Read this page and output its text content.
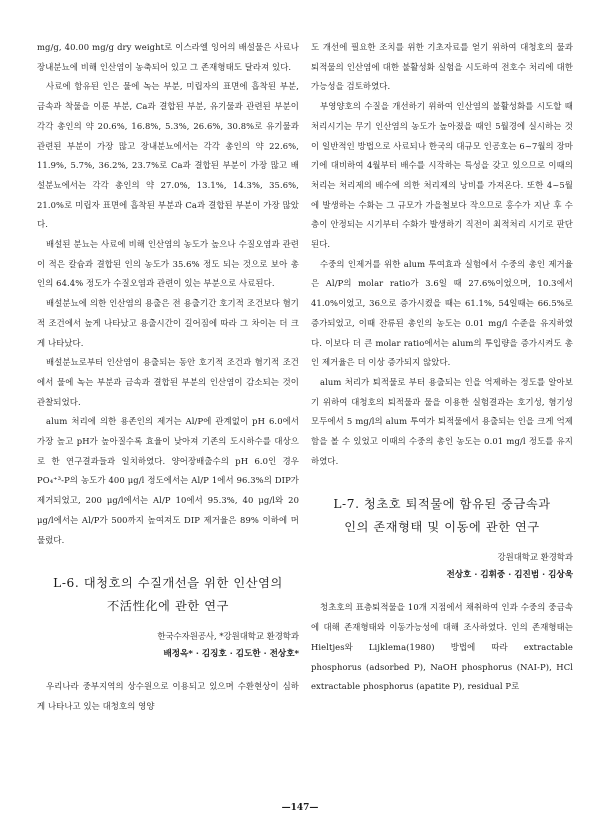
mg/g, 40.00 mg/g dry weight로 이스라엘 잉어의 배설물은 사료나 장내분뇨에 비해 인산염이 농축되어 있고 그 존재형태도 달라져 있다.

사료에 함유된 인은 물에 녹는 부분, 미립자의 표면에 흡착된 부분, 금속과 착물을 이룬 부분, Ca과 결합된 부분, 유기물과 관련된 부분이 각각 총인의 약 20.6%, 16.8%, 5.3%, 26.6%, 30.8%로 유기물과 관련된 부분이 가장 많고 장내분뇨에서는 각각 총인의 약 22.6%, 11.9%, 5.7%, 36.2%, 23.7%로 Ca과 결합된 부분이 가장 많고 배설분뇨에서는 각각 총인의 약 27.0%, 13.1%, 14.3%, 35.6%, 21.0%로 미립자 표면에 흡착된 부분과 Ca과 결합된 부분이 가장 많았다.

배설된 분뇨는 사료에 비해 인산염의 농도가 높으나 수질오염과 관련이 적은 칼슘과 결합된 인의 농도가 35.6% 정도 되는 것으로 보아 총인의 64.4% 정도가 수질오염과 관련이 있는 부분으로 사료된다.

배설분뇨에 의한 인산염의 용출은 전 용출기간 호기적 조건보다 혐기적 조건에서 높게 나타났고 용출시간이 길어짐에 따라 그 차이는 더 크게 나타났다.

배설분뇨로부터 인산염이 용출되는 동안 호기적 조건과 혐기적 조건에서 물에 녹는 부분과 금속과 결합된 부분의 인산염이 감소되는 것이 관찰되었다.

alum 처리에 의한 용존인의 제거는 Al/P에 관계없이 pH 6.0에서 가장 높고 pH가 높아질수록 효율이 낮아져 기존의 도시하수를 대상으로 한 연구결과들과 일치하였다. 양어장배출수의 pH 6.0인 경우 PO₄⁺³-P의 농도가 400 μg/l 정도에서는 Al/P 1에서 96.3%의 DIP가 제거되었고, 200 μg/l에서는 Al/P 10에서 95.3%, 40 μg/l와 20 μg/l에서는 Al/P가 500까지 높여져도 DIP 제거율은 89% 이하에 머물렀다.

L-6. 대청호의 수질개선을 위한 인산염의
不活性化에 관한 연구

한국수자원공사, *강원대학교 환경학과

배정옥* · 김징호 · 김도한 · 전상호*

우리나라 중부지역의 상수원으로 이용되고 있으며 수환현상이 심하게 나타나고 있는 대청호의 영양

도 개선에 필요한 조치를 위한 기초자료를 얻기 위하여 대청호의 물과 퇴적물의 인산염에 대한 불활성화 실험을 시도하여 전호수 처리에 대한 가능성을 검토하였다.

부영양호의 수질을 개선하기 위하여 인산염의 불활성화를 시도할 때 처리시기는 무기 인산염의 농도가 높아졌을 때인 5월경에 실시하는 것이 일반적인 방법으로 사료되나 한국의 대규모 인공호는 6~7월의 장마기에 대비하여 4월부터 배수를 시작하는 특성을 갖고 있으므로 이때의 처리는 처리제의 배수에 의한 처리제의 낭비를 가져온다. 또한 4~5월에 발생하는 수화는 그 규모가 가을철보다 작으므로 홍수가 지난 후 수층이 안정되는 시기부터 수화가 발생하기 직전이 최적처리 시기로 판단된다.

수중의 인제거를 위한 alum 투여효과 실험에서 수중의 총인 제거율은 Al/P의 molar ratio가 3.6일 때 27.6%이었으며, 10.3에서 41.0%이었고, 36으로 증가시켰을 때는 61.1%, 54일때는 66.5%로 증가되었고, 이때 잔류된 총인의 농도는 0.01 mg/l 수준을 유지하였다. 이보다 더 큰 molar ratio에서는 alum의 투입량을 증가시켜도 총인 제거율은 더 이상 증가되지 않았다.

alum 처리가 퇴적물로 부터 용출되는 인을 억제하는 정도를 알아보기 위하여 대청호의 퇴적물과 물을 이용한 실험결과는 호기성, 혐기성 모두에서 5 mg/l의 alum 투여가 퇴적물에서 용출되는 인을 크게 억제함을 볼 수 있었고 이때의 수중의 총인 농도는 0.01 mg/l 정도를 유지하였다.

L-7. 청초호 퇴적물에 함유된 중금속과
인의 존재형태 및 이동에 관한 연구

강원대학교 환경학과

전상호 · 김휘중 · 김진범 · 김상욱

청초호의 표층퇴적물을 10개 지점에서 채취하여 인과 수중의 중금속에 대해 존재형태와 이동가능성에 대해 조사하였다. 인의 존재형태는 Hieltjes와 Lijklema(1980) 방법에 따라 extractable phosphorus (adsorbed P), NaOH phosphorus (NAI-P), HCl extractable phosphorus (apatite P), residual P로

—147—
